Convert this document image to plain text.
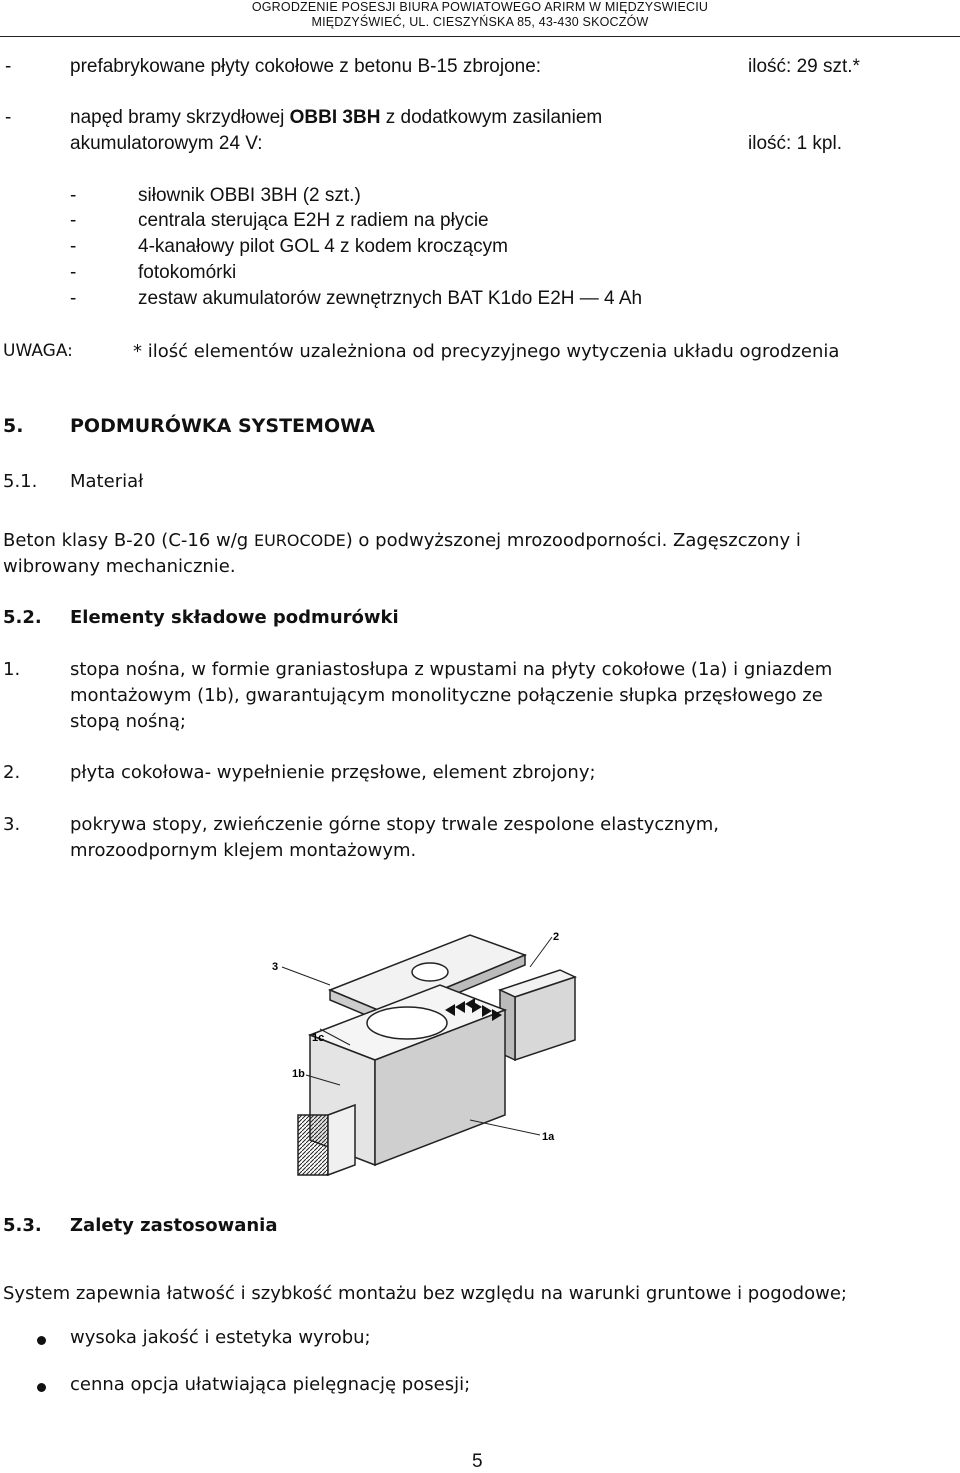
OGRODZENIE POSESJI BIURA POWIATOWEGO ARIRM W MIĘDZYSWIECIU
MIĘDZYŚWIEĆ, UL. CIESZYŃSKA 85, 43-430 SKOCZÓW
-	prefabrykowane płyty cokołowe z betonu B-15 zbrojone:	ilość: 29 szt.*
-	napęd bramy skrzydłowej OBBI 3BH z dodatkowym zasilaniem
akumulatorowym 24 V:	ilość: 1 kpl.
-	siłownik OBBI 3BH (2 szt.)
-	centrala sterująca E2H z radiem na płycie
-	4-kanałowy pilot GOL 4 z kodem kroczącym
-	fotokomórki
-	zestaw akumulatorów zewnętrznych BAT K1do E2H — 4 Ah
UWAGA:	* ilość elementów uzależniona od precyzyjnego wytyczenia układu ogrodzenia
5. PODMURÓWKA SYSTEMOWA
5.1. Materiał
Beton klasy B-20 (C-16 w/g EUROCODE) o podwyższonej mrozoodporności. Zagęszczony i
wibrowany mechanicznie.
5.2. Elementy składowe podmurówki
1.	stopa nośna, w formie graniastosłupa z wpustami na płyty cokołowe (1a) i gniazdem
montażowym (1b), gwarantującym monolityczne połączenie słupka przęsłowego ze
stopą nośną;
2.	płyta cokołowa- wypełnienie przęsłowe, element zbrojony;
3.	pokrywa stopy, zwieńczenie górne stopy trwale zespolone elastycznym,
mrozoodpornym klejem montażowym.
3
2
1c
1b
1a
5.3. Zalety zastosowania
System zapewnia łatwość i szybkość montażu bez względu na warunki gruntowe i pogodowe;
wysoka jakość i estetyka wyrobu;
cenna opcja ułatwiająca pielęgnację posesji;
5
